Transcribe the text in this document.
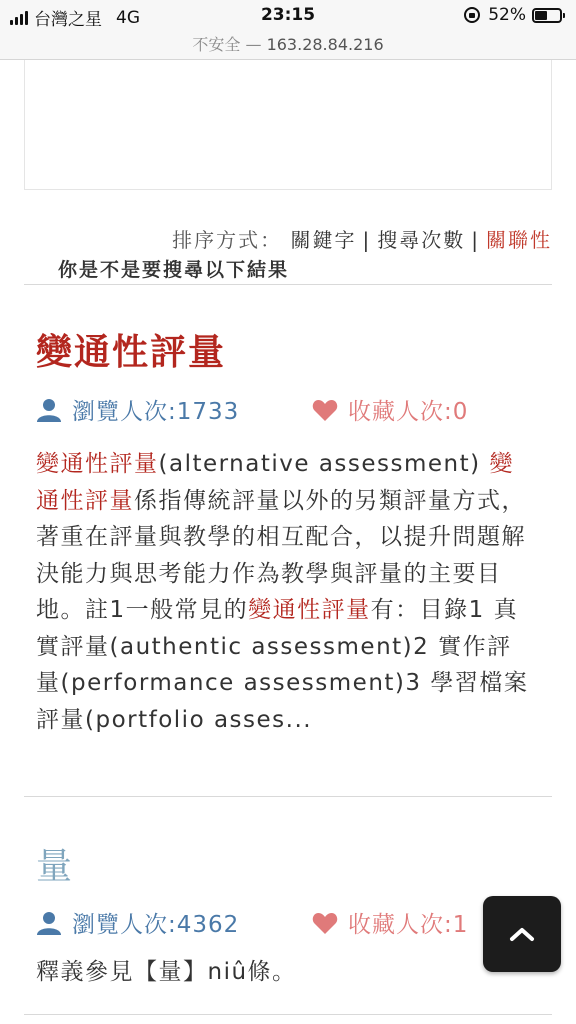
台灣之星 4G	23:15	52%
不安全 — 163.28.84.216
排序方式： 關鍵字 | 搜尋次數 | 關聯性
你是不是要搜尋以下結果
變通性評量
瀏覽人次:1733	收藏人次:0
變通性評量(alternative assessment) 變通性評量係指傳統評量以外的另類評量方式，著重在評量與教學的相互配合，以提升問題解決能力與思考能力作為教學與評量的主要目地。註1一般常見的變通性評量有：目錄1 真實評量(authentic assessment)2 實作評量(performance assessment)3 學習檔案評量(portfolio asses...
量
瀏覽人次:4362	收藏人次:1
釋義參見【量】niû條。
